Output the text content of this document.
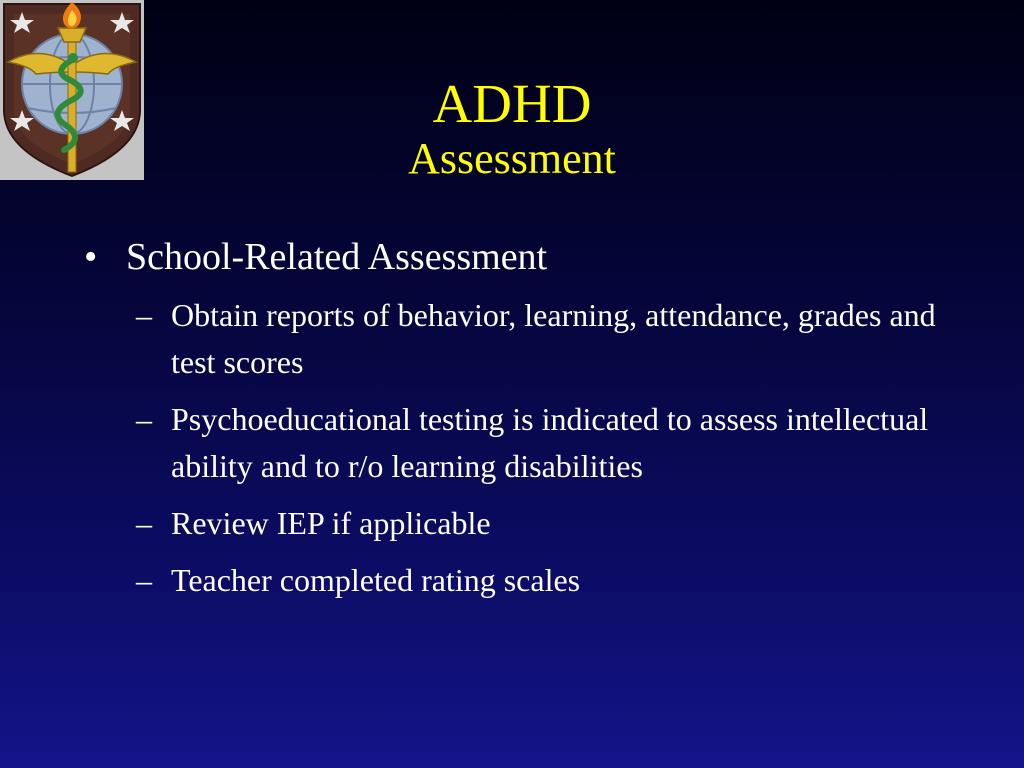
ADHD
Assessment
• School-Related Assessment
– Obtain reports of behavior, learning, attendance, grades and test scores
– Psychoeducational testing is indicated to assess intellectual ability and to r/o learning disabilities
– Review IEP if applicable
– Teacher completed rating scales
